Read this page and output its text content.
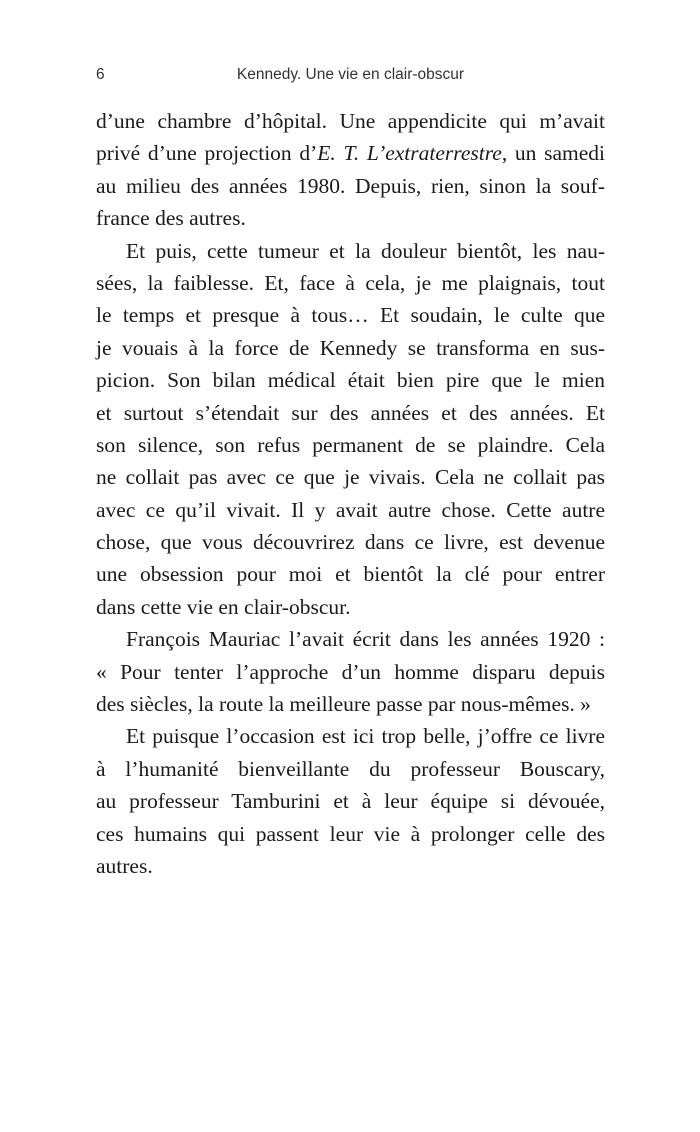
6	Kennedy. Une vie en clair-obscur
d’une chambre d’hôpital. Une appendicite qui m’avait
privé d’une projection d’E. T. L’extraterrestre, un samedi
au milieu des années 1980. Depuis, rien, sinon la souf-
france des autres.
Et puis, cette tumeur et la douleur bientôt, les nau-
sées, la faiblesse. Et, face à cela, je me plaignais, tout
le temps et presque à tous… Et soudain, le culte que
je vouais à la force de Kennedy se transforma en sus-
picion. Son bilan médical était bien pire que le mien
et surtout s’étendait sur des années et des années. Et
son silence, son refus permanent de se plaindre. Cela
ne collait pas avec ce que je vivais. Cela ne collait pas
avec ce qu’il vivait. Il y avait autre chose. Cette autre
chose, que vous découvrirez dans ce livre, est devenue
une obsession pour moi et bientôt la clé pour entrer
dans cette vie en clair-obscur.
François Mauriac l’avait écrit dans les années 1920 :
« Pour tenter l’approche d’un homme disparu depuis
des siècles, la route la meilleure passe par nous-mêmes. »
Et puisque l’occasion est ici trop belle, j’offre ce livre
à l’humanité bienveillante du professeur Bouscary,
au professeur Tamburini et à leur équipe si dévouée,
ces humains qui passent leur vie à prolonger celle des
autres.
